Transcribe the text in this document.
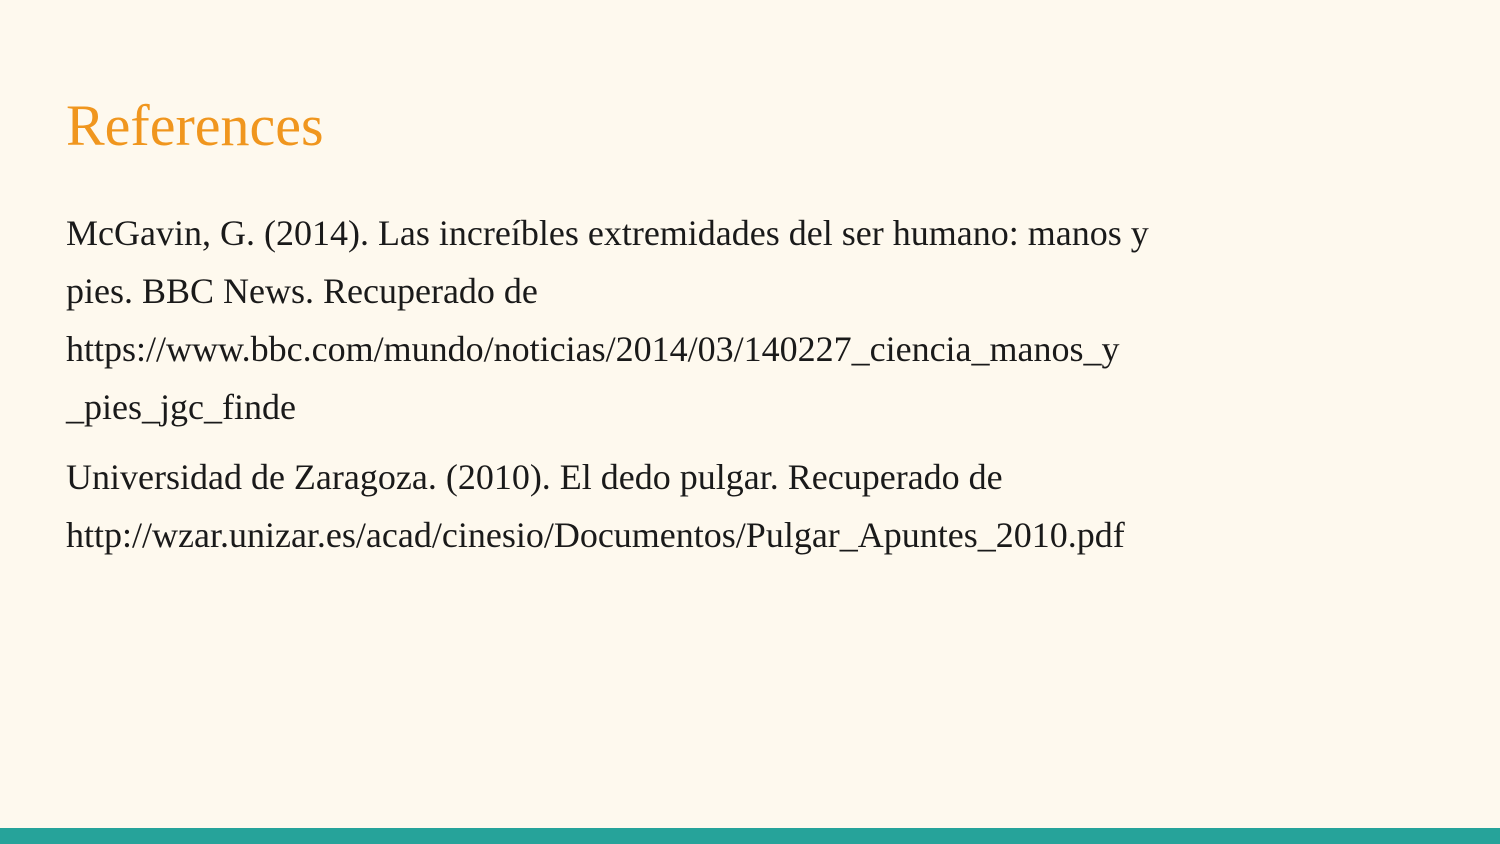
References
McGavin, G. (2014). Las increíbles extremidades del ser humano: manos y
pies. BBC News. Recuperado de
https://www.bbc.com/mundo/noticias/2014/03/140227_ciencia_manos_y
_pies_jgc_finde
Universidad de Zaragoza. (2010). El dedo pulgar. Recuperado de
http://wzar.unizar.es/acad/cinesio/Documentos/Pulgar_Apuntes_2010.pdf
